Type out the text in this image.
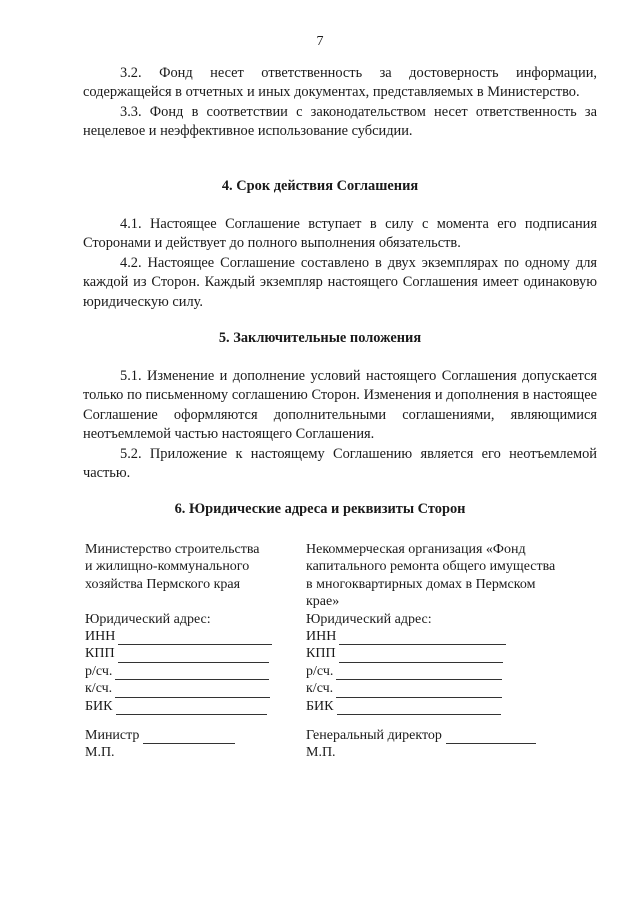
7

3.2. Фонд несет ответственность за достоверность информации, содержащейся в отчетных и иных документах, представляемых в Министерство.

3.3. Фонд в соответствии с законодательством несет ответственность за нецелевое и неэффективное использование субсидии.

4. Срок действия Соглашения

4.1. Настоящее Соглашение вступает в силу с момента его подписания Сторонами и действует до полного выполнения обязательств.

4.2. Настоящее Соглашение составлено в двух экземплярах по одному для каждой из Сторон. Каждый экземпляр настоящего Соглашения имеет одинаковую юридическую силу.

5. Заключительные положения

5.1. Изменение и дополнение условий настоящего Соглашения допускается только по письменному соглашению Сторон. Изменения и дополнения в настоящее Соглашение оформляются дополнительными соглашениями, являющимися неотъемлемой частью настоящего Соглашения.

5.2. Приложение к настоящему Соглашению является его неотъемлемой частью.

6. Юридические адреса и реквизиты Сторон
Министерство строительства
и жилищно-коммунального
хозяйства Пермского края

Юридический адрес:
ИНН
КПП
р/сч.
к/сч.
БИК
Министр
М.П.
Некоммерческая организация «Фонд
капитального ремонта общего имущества
в многоквартирных домах в Пермском
крае»
Юридический адрес:
ИНН
КПП
р/сч.
к/сч.
БИК
Генеральный директор
М.П.
